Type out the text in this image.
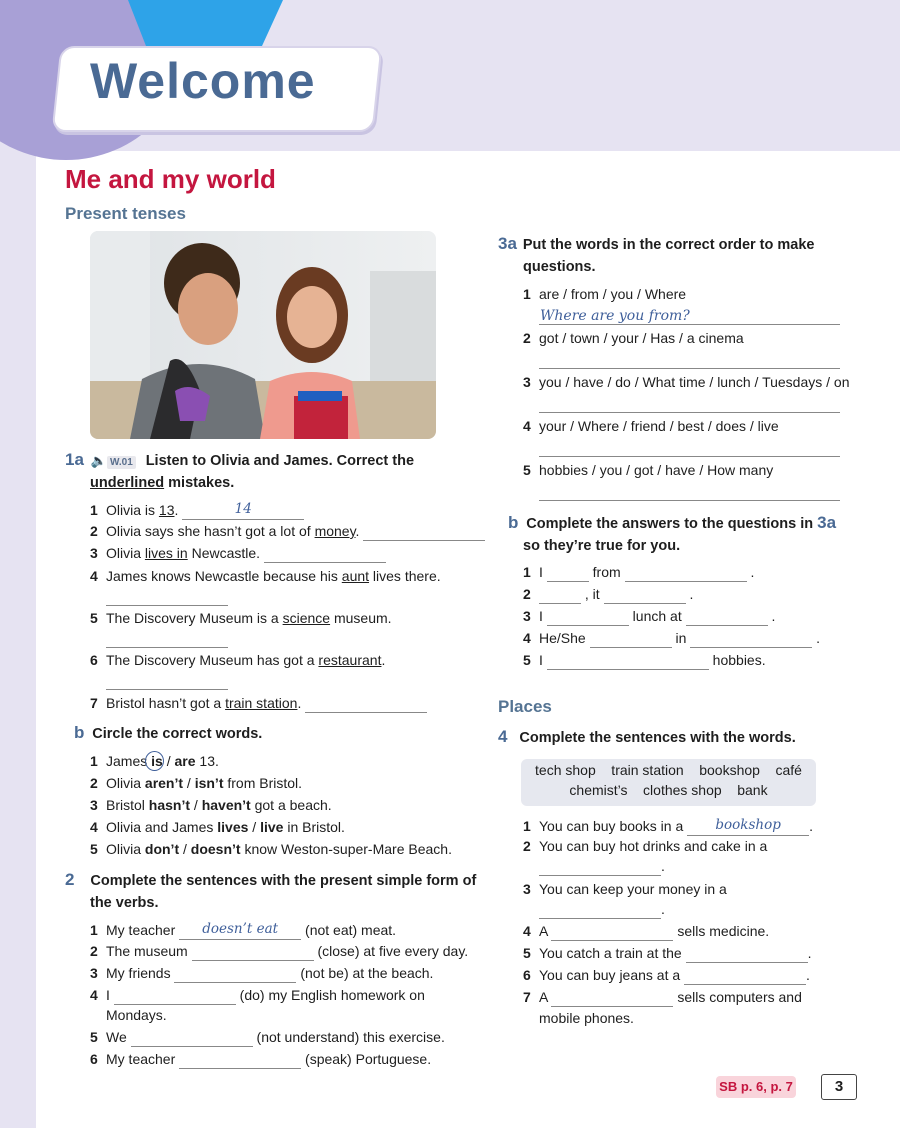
Welcome
Me and my world
Present tenses
1a 🔈 W.01 Listen to Olivia and James. Correct the
underlined mistakes.
1 Olivia is 13.	14
2 Olivia says she hasn’t got a lot of money.
3 Olivia lives in Newcastle.
4 James knows Newcastle because his aunt lives there.
5 The Discovery Museum is a science museum.
6 The Discovery Museum has got a restaurant.
7 Bristol hasn’t got a train station.
b Circle the correct words.
1 James is / are 13.
2 Olivia aren’t / isn’t from Bristol.
3 Bristol hasn’t / haven’t got a beach.
4 Olivia and James lives / live in Bristol.
5 Olivia don’t / doesn’t know Weston-super-Mare Beach.
2 Complete the sentences with the present simple form of
the verbs.
1 My teacher doesn’t eat (not eat) meat.
2 The museum	(close) at five every day.
3 My friends	(not be) at the beach.
4 I	(do) my English homework on
Mondays.
5 We	(not understand) this exercise.
6 My teacher	(speak) Portuguese.
3a Put the words in the correct order to make
questions.
1 are / from / you / Where
Where are you from?
2 got / town / your / Has / a cinema
3 you / have / do / What time / lunch / Tuesdays / on
4 your / Where / friend / best / does / live
5 hobbies / you / got / have / How many
b Complete the answers to the questions in 3a
so they’re true for you.
1 I	from	.
2	, it	.
3 I	lunch at	.
4 He/She	in	.
5 I	hobbies.
Places
4 Complete the sentences with the words.
tech shop    train station    bookshop    café
chemist’s    clothes shop    bank
1 You can buy books in a bookshop .
2 You can buy hot drinks and cake in a
.
3 You can keep your money in a
.
4 A	sells medicine.
5 You catch a train at the	.
6 You can buy jeans at a	.
7 A	sells computers and
mobile phones.
SB p. 6, p. 7	3
